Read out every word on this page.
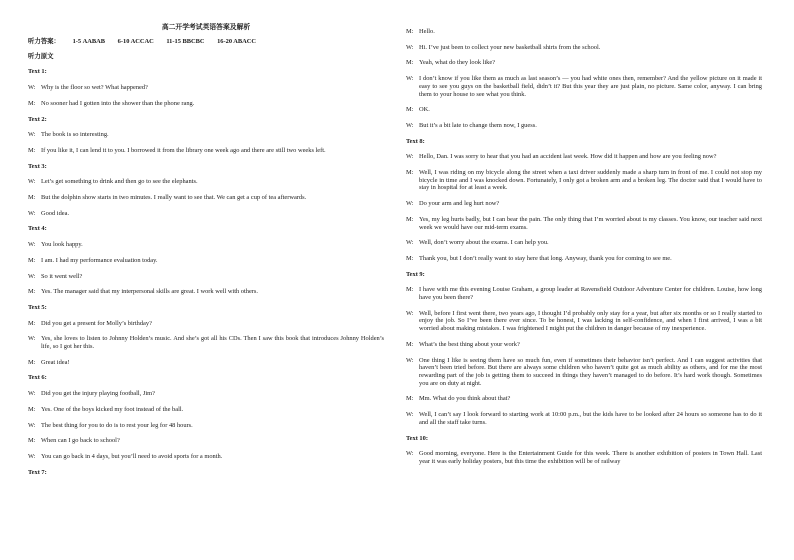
高二开学考试英语答案及解析
听力答案： 1-5 AABAB 6-10 ACCAC 11-15 BBCBC 16-20 ABACC
听力原文
Text 1:
W: Why is the floor so wet? What happened?
M: No sooner had I gotten into the shower than the phone rang.
Text 2:
W: The book is so interesting.
M: If you like it, I can lend it to you. I borrowed it from the library one week ago and there are still two weeks left.
Text 3:
W: Let’s get something to drink and then go to see the elephants.
M: But the dolphin show starts in two minutes. I really want to see that. We can get a cup of tea afterwards.
W: Good idea.
Text 4:
W: You look happy.
M: I am. I had my performance evaluation today.
W: So it went well?
M: Yes. The manager said that my interpersonal skills are great. I work well with others.
Text 5:
M: Did you get a present for Molly’s birthday?
W: Yes, she loves to listen to Johnny Holden’s music. And she’s got all his CDs. Then I saw this book that introduces Johnny Holden’s life, so I got her this.
M: Great idea!
Text 6:
W: Did you get the injury playing football, Jim?
M: Yes. One of the boys kicked my foot instead of the ball.
W: The best thing for you to do is to rest your leg for 48 hours.
M: When can I go back to school?
W: You can go back in 4 days, but you’ll need to avoid sports for a month.
Text 7:
M: Hello.
W: Hi. I’ve just been to collect your new basketball shirts from the school.
M: Yeah, what do they look like?
W: I don’t know if you like them as much as last season’s — you had white ones then, remember? And the yellow picture on it made it easy to see you guys on the basketball field, didn’t it? But this year they are just plain, no picture. Same color, anyway. I can bring them to your house to see what you think.
M: OK.
W: But it’s a bit late to change them now, I guess.
Text 8:
W: Hello, Dan. I was sorry to hear that you had an accident last week. How did it happen and how are you feeling now?
M: Well, I was riding on my bicycle along the street when a taxi driver suddenly made a sharp turn in front of me. I could not stop my bicycle in time and I was knocked down. Fortunately, I only got a broken arm and a broken leg. The doctor said that I would have to stay in hospital for at least a week.
W: Do your arm and leg hurt now?
M: Yes, my leg hurts badly, but I can bear the pain. The only thing that I’m worried about is my classes. You know, our teacher said next week we would have our mid-term exams.
W: Well, don’t worry about the exams. I can help you.
M: Thank you, but I don’t really want to stay here that long. Anyway, thank you for coming to see me.
Text 9:
M: I have with me this evening Louise Graham, a group leader at Ravensfield Outdoor Adventure Center for children. Louise, how long have you been there?
W: Well, before I first went there, two years ago, I thought I’d probably only stay for a year, but after six months or so I really started to enjoy the job. So I’ve been there ever since. To be honest, I was lacking in self-confidence, and when I first arrived, I was a bit worried about making mistakes. I was frightened I might put the children in danger because of my inexperience.
M: What’s the best thing about your work?
W: One thing I like is seeing them have so much fun, even if sometimes their behavior isn’t perfect. And I can suggest activities that haven’t been tried before. But there are always some children who haven’t quite got as much ability as others, and for me the most rewarding part of the job is getting them to succeed in things they haven’t managed to do before. It’s hard work though. Sometimes you are on duty at night.
M: Mm. What do you think about that?
W: Well, I can’t say I look forward to starting work at 10:00 p.m., but the kids have to be looked after 24 hours so someone has to do it and all the staff take turns.
Text 10:
W: Good morning, everyone. Here is the Entertainment Guide for this week. There is another exhibition of posters in Town Hall. Last year it was early holiday posters, but this time the exhibition will be of railway
